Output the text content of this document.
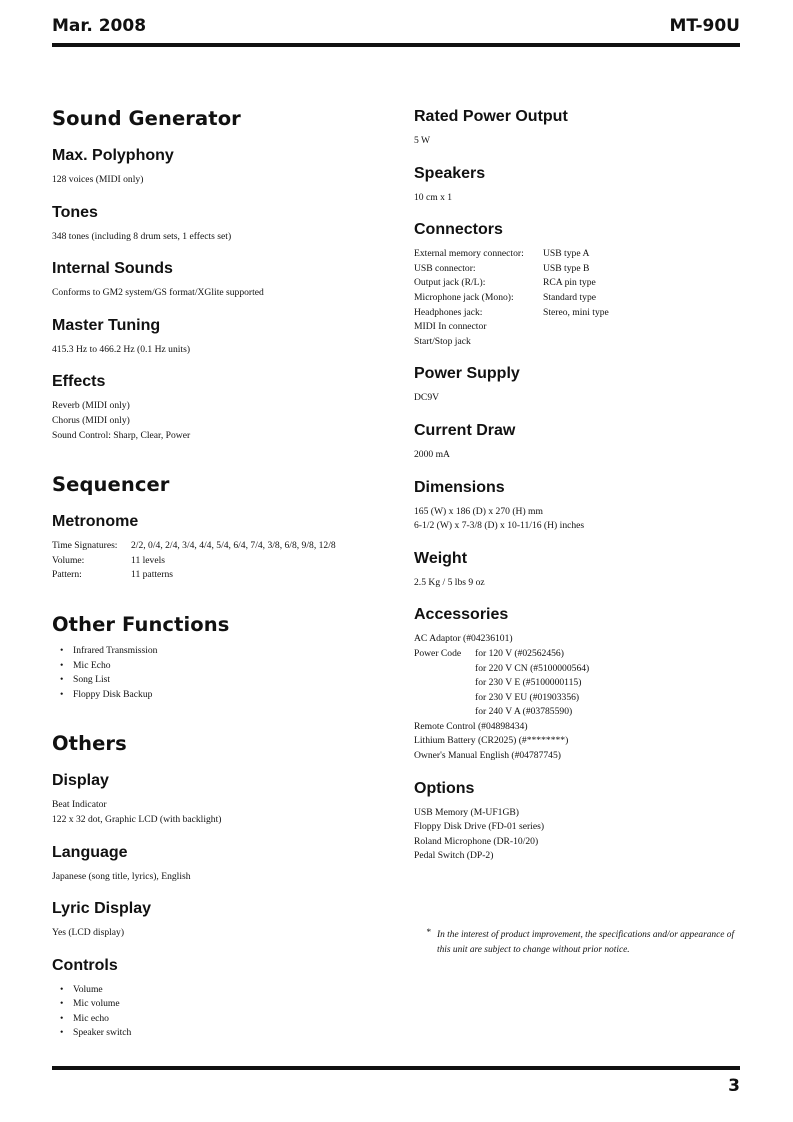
Mar. 2008	MT-90U
Sound Generator
Max. Polyphony
128 voices (MIDI only)
Tones
348 tones (including 8 drum sets, 1 effects set)
Internal Sounds
Conforms to GM2 system/GS format/XGlite supported
Master Tuning
415.3 Hz to 466.2 Hz (0.1 Hz units)
Effects
Reverb (MIDI only)
Chorus (MIDI only)
Sound Control: Sharp, Clear, Power
Sequencer
Metronome
Time Signatures:	2/2, 0/4, 2/4, 3/4, 4/4, 5/4, 6/4, 7/4, 3/8, 6/8, 9/8, 12/8
Volume:	11 levels
Pattern:	11 patterns
Other Functions
• Infrared Transmission
• Mic Echo
• Song List
• Floppy Disk Backup
Others
Display
Beat Indicator
122 x 32 dot, Graphic LCD (with backlight)
Language
Japanese (song title, lyrics), English
Lyric Display
Yes (LCD display)
Controls
• Volume
• Mic volume
• Mic echo
• Speaker switch
Rated Power Output
5 W
Speakers
10 cm x 1
Connectors
External memory connector:	USB type A
USB connector:	USB type B
Output jack (R/L):	RCA pin type
Microphone jack (Mono):	Standard type
Headphones jack:	Stereo, mini type
MIDI In connector
Start/Stop jack
Power Supply
DC9V
Current Draw
2000 mA
Dimensions
165 (W) x 186 (D) x 270 (H) mm
6-1/2 (W) x 7-3/8 (D) x 10-11/16 (H) inches
Weight
2.5 Kg / 5 lbs 9 oz
Accessories
AC Adaptor (#04236101)
Power Code	for 120 V (#02562456)
for 220 V CN (#5100000564)
for 230 V E (#5100000115)
for 230 V EU (#01903356)
for 240 V A (#03785590)
Remote Control (#04898434)
Lithium Battery (CR2025) (#********)
Owner's Manual English (#04787745)
Options
USB Memory (M-UF1GB)
Floppy Disk Drive (FD-01 series)
Roland Microphone (DR-10/20)
Pedal Switch (DP-2)
* In the interest of product improvement, the specifications and/or appearance of
this unit are subject to change without prior notice.
3
